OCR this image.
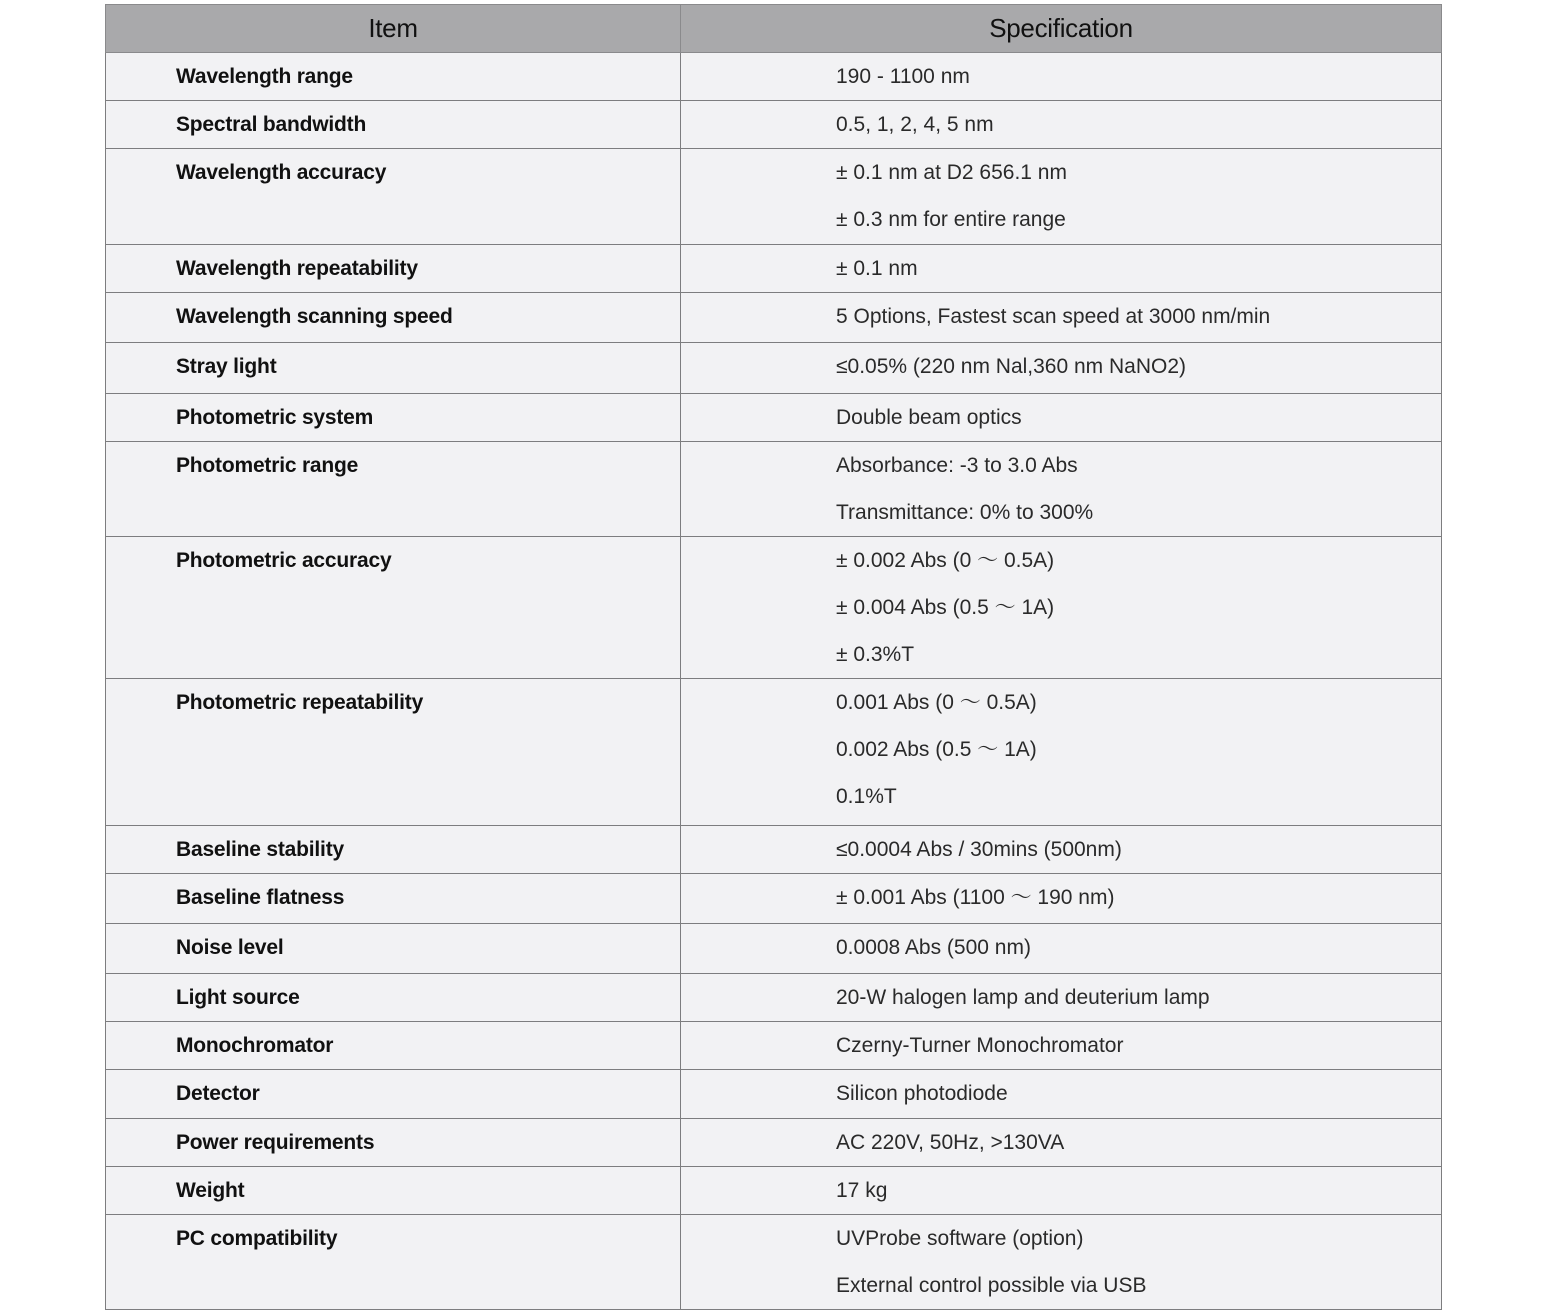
Item	Specification

Wavelength range	190 - 1100 nm

Spectral bandwidth	0.5, 1, 2, 4, 5 nm

Wavelength accuracy	± 0.1 nm at D2 656.1 nm
± 0.3 nm for entire range

Wavelength repeatability	± 0.1 nm

Wavelength scanning speed	5 Options, Fastest scan speed at 3000 nm/min

Stray light	≤0.05% (220 nm Nal,360 nm NaNO2)

Photometric system	Double beam optics

Photometric range	Absorbance: -3 to 3.0 Abs
Transmittance: 0% to 300%

Photometric accuracy	± 0.002 Abs (0 ～ 0.5A)
± 0.004 Abs (0.5 ～ 1A)
± 0.3%T

Photometric repeatability	0.001 Abs (0 ～ 0.5A)
0.002 Abs (0.5 ～ 1A)
0.1%T

Baseline stability	≤0.0004 Abs / 30mins (500nm)

Baseline flatness	± 0.001 Abs (1100 ～ 190 nm)

Noise level	0.0008 Abs (500 nm)

Light source	20-W halogen lamp and deuterium lamp

Monochromator	Czerny-Turner Monochromator

Detector	Silicon photodiode

Power requirements	AC 220V, 50Hz, >130VA

Weight	17 kg

PC compatibility	UVProbe software (option)
External control possible via USB
